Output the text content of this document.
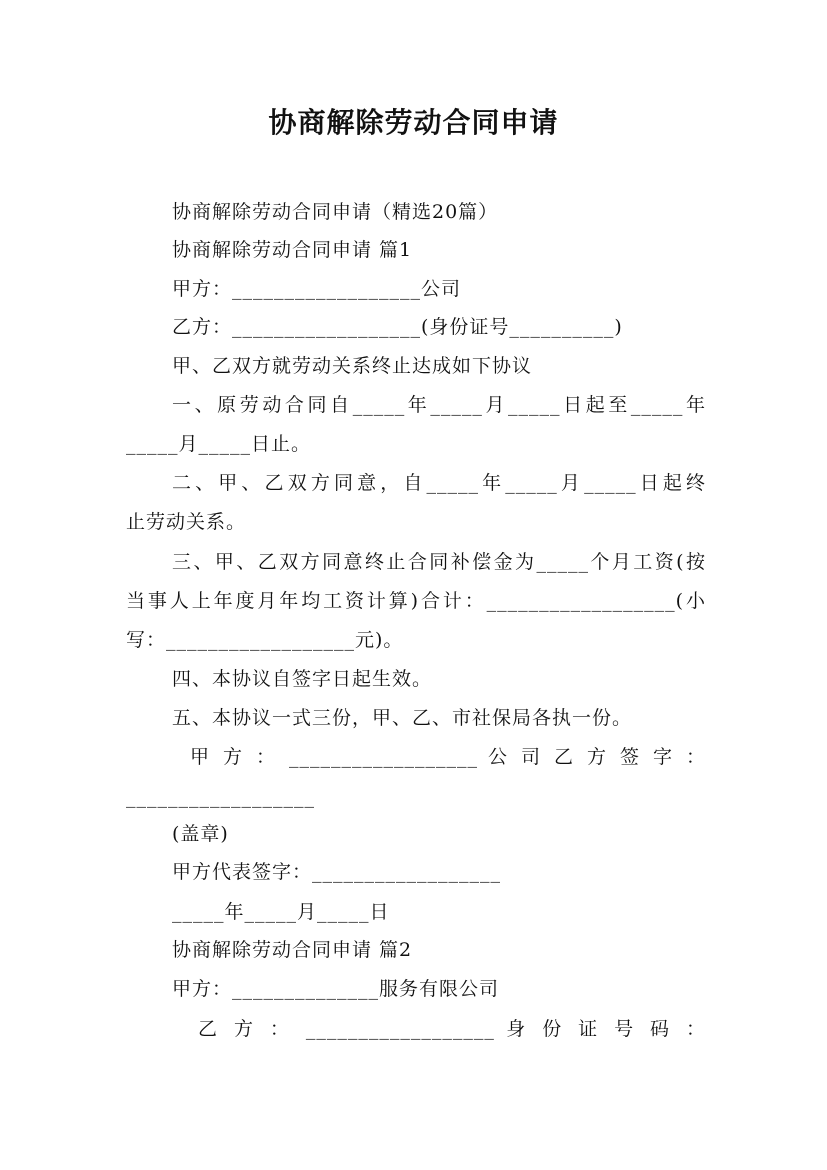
协商解除劳动合同申请
协商解除劳动合同申请（精选20篇）
协商解除劳动合同申请 篇1
甲方：__________________公司
乙方：__________________(身份证号__________)
甲、乙双方就劳动关系终止达成如下协议
一、原劳动合同自_____年_____月_____日起至_____年
_____月_____日止。
二、甲、乙双方同意，自_____年_____月_____日起终
止劳动关系。
三、甲、乙双方同意终止合同补偿金为_____个月工资(按
当事人上年度月年均工资计算)合计：__________________(小
写：__________________元)。
四、本协议自签字日起生效。
五、本协议一式三份，甲、乙、市社保局各执一份。
甲 方 ： __________________ 公 司 乙 方 签 字 ：
__________________
(盖章)
甲方代表签字：__________________
_____年_____月_____日
协商解除劳动合同申请 篇2
甲方：______________服务有限公司
乙 方 ： __________________ 身 份 证 号 码 ：
